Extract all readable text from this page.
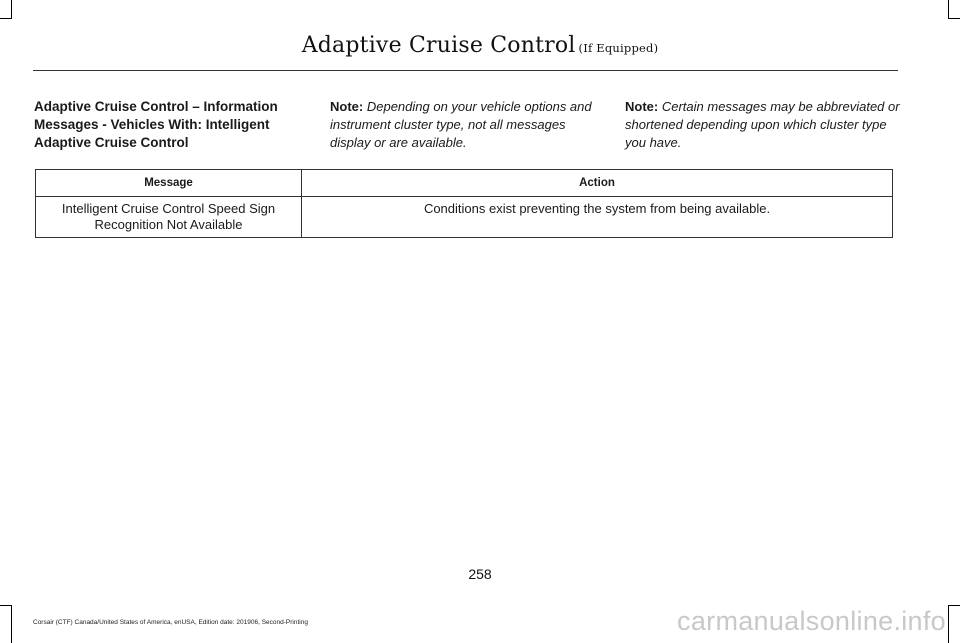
Adaptive Cruise Control (If Equipped)
Adaptive Cruise Control – Information Messages - Vehicles With: Intelligent Adaptive Cruise Control
Note: Depending on your vehicle options and instrument cluster type, not all messages display or are available.
Note: Certain messages may be abbreviated or shortened depending upon which cluster type you have.
Message	Action
Intelligent Cruise Control Speed Sign Recognition Not Available	Conditions exist preventing the system from being available.
258
Corsair (CTF) Canada/United States of America, enUSA, Edition date: 201906, Second-Printing	carmanualsonline.info
